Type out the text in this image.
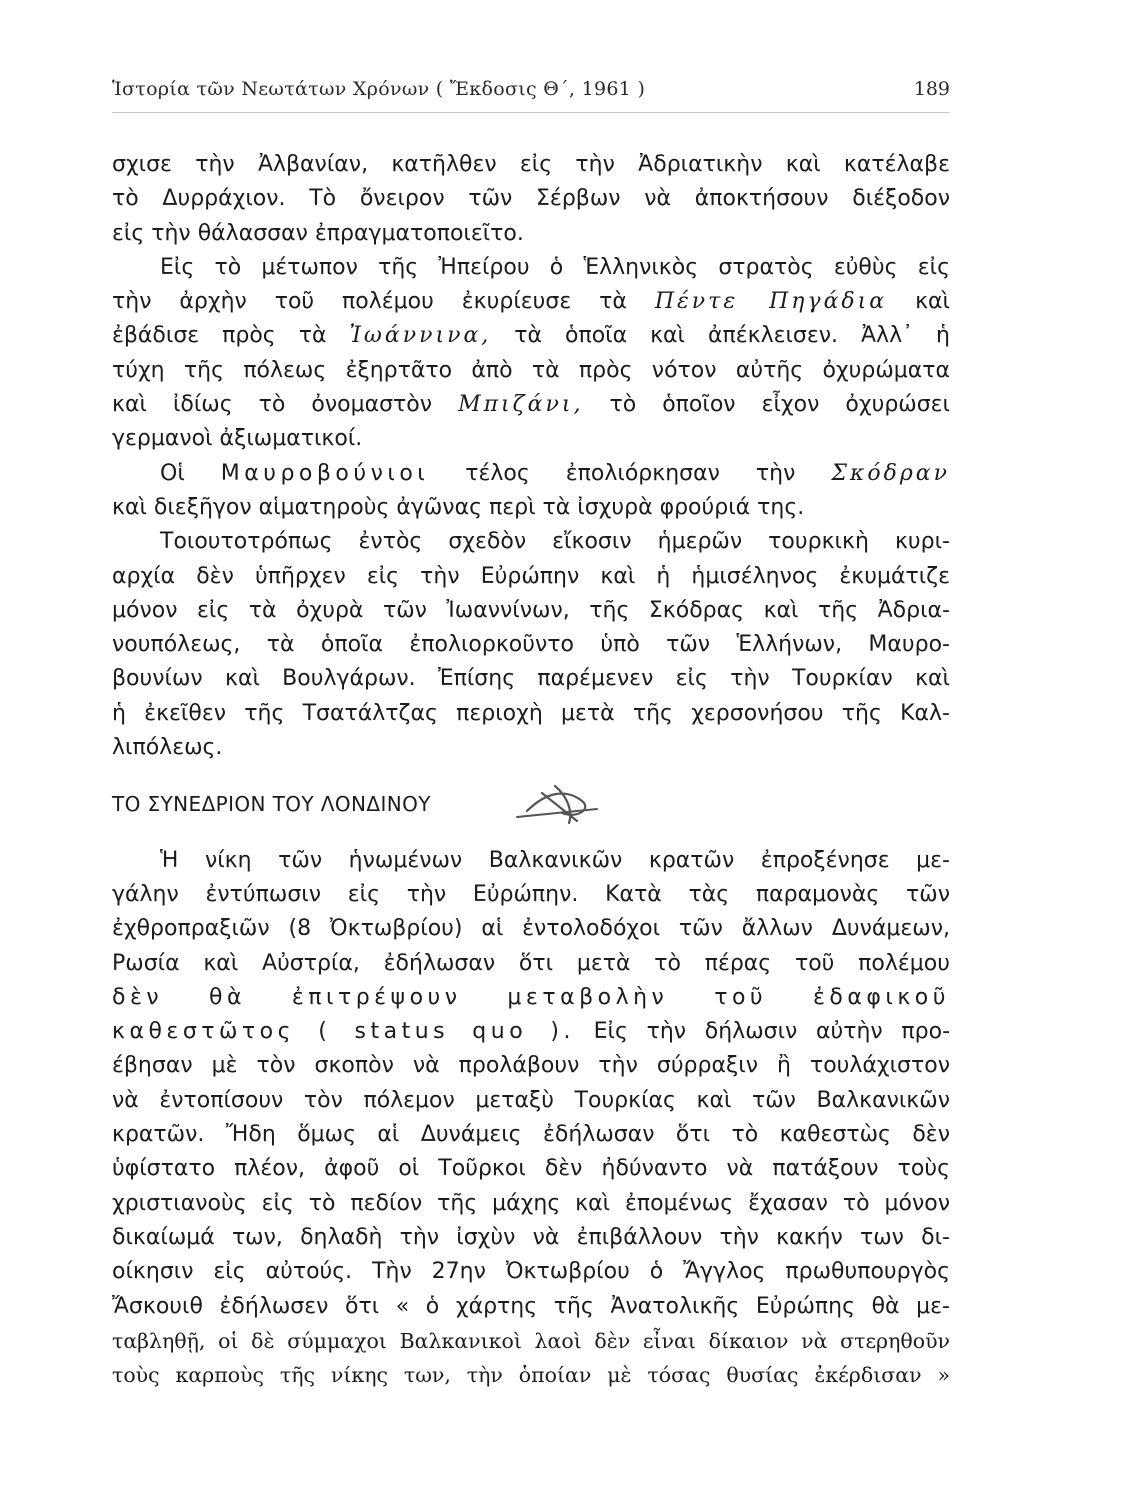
Ἱστορία τῶν Νεωτάτων Χρόνων ( Ἔκδοσις Θ΄, 1961 )	189
σχισε τὴν Ἀλβανίαν, κατῆλθεν εἰς τὴν Ἀδριατικὴν καὶ κατέλαβε
τὸ Δυρράχιον. Τὸ ὄνειρον τῶν Σέρβων νὰ ἀποκτήσουν διέξοδον
εἰς τὴν θάλασσαν ἐπραγματοποιεῖτο.
Εἰς τὸ μέτωπον τῆς Ἠπείρου ὁ Ἑλληνικὸς στρατὸς εὐθὺς εἰς
τὴν ἀρχὴν τοῦ πολέμου ἐκυρίευσε τὰ Πέντε Πηγάδια καὶ
ἐβάδισε πρὸς τὰ Ἰωάννινα, τὰ ὁποῖα καὶ ἀπέκλεισεν. Ἀλλ᾽ ἡ
τύχη τῆς πόλεως ἐξηρτᾶτο ἀπὸ τὰ πρὸς νότον αὐτῆς ὀχυρώματα
καὶ ἰδίως τὸ ὀνομαστὸν Μπιζάνι, τὸ ὁποῖον εἶχον ὀχυρώσει
γερμανοὶ ἀξιωματικοί.
Οἱ Μαυροβούνιοι τέλος ἐπολιόρκησαν τὴν Σκόδραν
καὶ διεξῆγον αἱματηροὺς ἀγῶνας περὶ τὰ ἰσχυρὰ φρούριά της.
Τοιουτοτρόπως ἐντὸς σχεδὸν εἴκοσιν ἡμερῶν τουρκικὴ κυρι-
αρχία δὲν ὑπῆρχεν εἰς τὴν Εὐρώπην καὶ ἡ ἡμισέληνος ἐκυμάτιζε
μόνον εἰς τὰ ὀχυρὰ τῶν Ἰωαννίνων, τῆς Σκόδρας καὶ τῆς Ἀδρια-
νουπόλεως, τὰ ὁποῖα ἐπολιορκοῦντο ὑπὸ τῶν Ἑλλήνων, Μαυρο-
βουνίων καὶ Βουλγάρων. Ἐπίσης παρέμενεν εἰς τὴν Τουρκίαν καὶ
ἡ ἐκεῖθεν τῆς Τσατάλτζας περιοχὴ μετὰ τῆς χερσονήσου τῆς Καλ-
λιπόλεως.
ΤΟ ΣΥΝΕΔΡΙΟΝ ΤΟΥ ΛΟΝΔΙΝΟΥ
Ἡ νίκη τῶν ἡνωμένων Βαλκανικῶν κρατῶν ἐπροξένησε με-
γάλην ἐντύπωσιν εἰς τὴν Εὐρώπην. Κατὰ τὰς παραμονὰς τῶν
ἐχθροπραξιῶν (8 Ὀκτωβρίου) αἱ ἐντολοδόχοι τῶν ἄλλων Δυνάμεων,
Ρωσία καὶ Αὐστρία, ἐδήλωσαν ὅτι μετὰ τὸ πέρας τοῦ πολέμου
δὲν θὰ ἐπιτρέψουν μεταβολὴν τοῦ ἐδαφικοῦ
καθεστῶτος ( status quo ). Εἰς τὴν δήλωσιν αὐτὴν προ-
έβησαν μὲ τὸν σκοπὸν νὰ προλάβουν τὴν σύρραξιν ἢ τουλάχιστον
νὰ ἐντοπίσουν τὸν πόλεμον μεταξὺ Τουρκίας καὶ τῶν Βαλκανικῶν
κρατῶν. Ἤδη ὅμως αἱ Δυνάμεις ἐδήλωσαν ὅτι τὸ καθεστὼς δὲν
ὑφίστατο πλέον, ἀφοῦ οἱ Τοῦρκοι δὲν ἠδύναντο νὰ πατάξουν τοὺς
χριστιανοὺς εἰς τὸ πεδίον τῆς μάχης καὶ ἐπομένως ἔχασαν τὸ μόνον
δικαίωμά των, δηλαδὴ τὴν ἰσχὺν νὰ ἐπιβάλλουν τὴν κακήν των δι-
οίκησιν εἰς αὐτούς. Τὴν 27ην Ὀκτωβρίου ὁ Ἄγγλος πρωθυπουργὸς
Ἄσκουιθ ἐδήλωσεν ὅτι « ὁ χάρτης τῆς Ἀνατολικῆς Εὐρώπης θὰ με-
ταβληθῇ, οἱ δὲ σύμμαχοι Βαλκανικοὶ λαοὶ δὲν εἶναι δίκαιον νὰ στερηθοῦν
τοὺς καρποὺς τῆς νίκης των, τὴν ὁποίαν μὲ τόσας θυσίας ἐκέρδισαν »
